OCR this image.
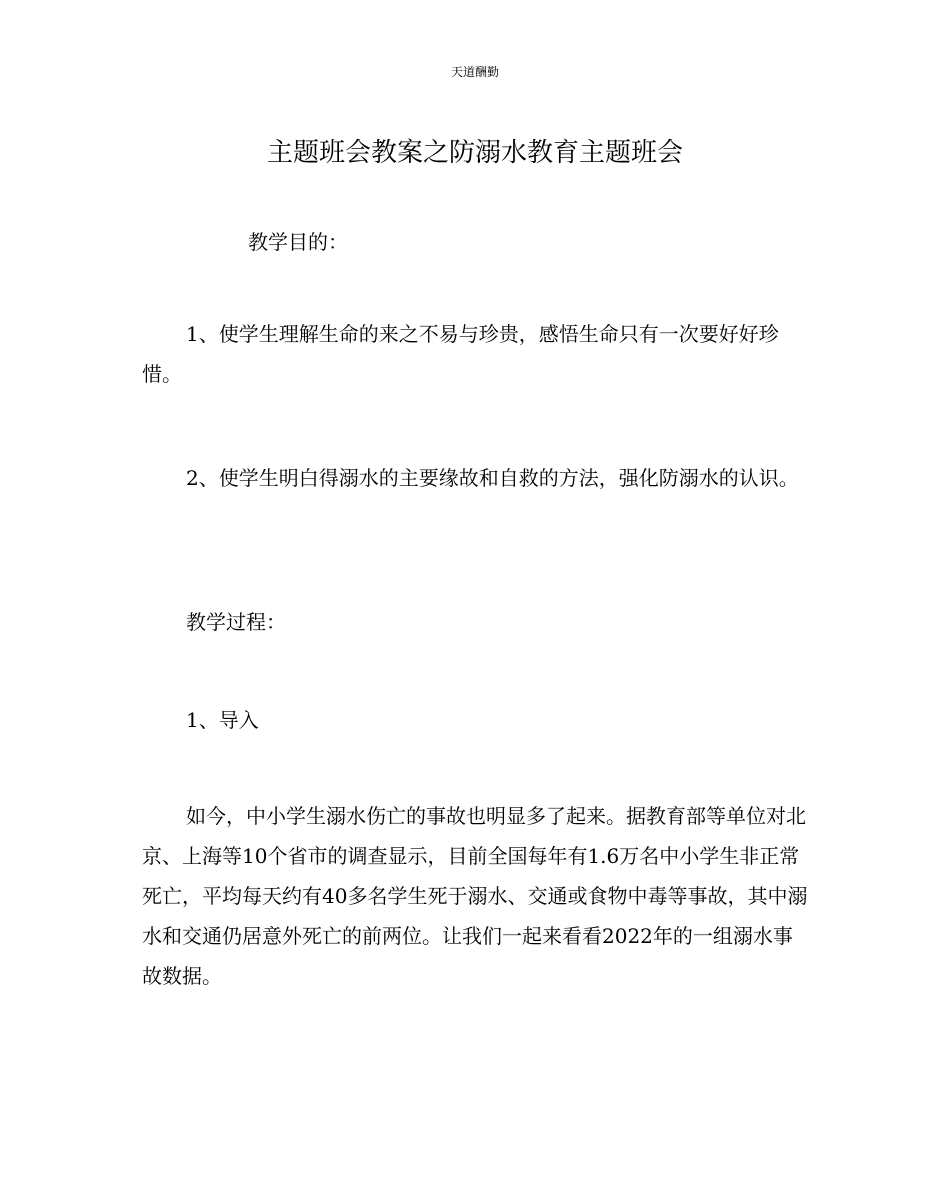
天道酬勤
主题班会教案之防溺水教育主题班会

教学目的：

1、使学生理解生命的来之不易与珍贵，感悟生命只有一次要好好珍惜。

2、使学生明白得溺水的主要缘故和自救的方法，强化防溺水的认识。

教学过程：

1、导入

如今，中小学生溺水伤亡的事故也明显多了起来。据教育部等单位对北京、上海等10个省市的调查显示，目前全国每年有1.6万名中小学生非正常死亡，平均每天约有40多名学生死于溺水、交通或食物中毒等事故，其中溺水和交通仍居意外死亡的前两位。让我们一起来看看2022年的一组溺水事故数据。
